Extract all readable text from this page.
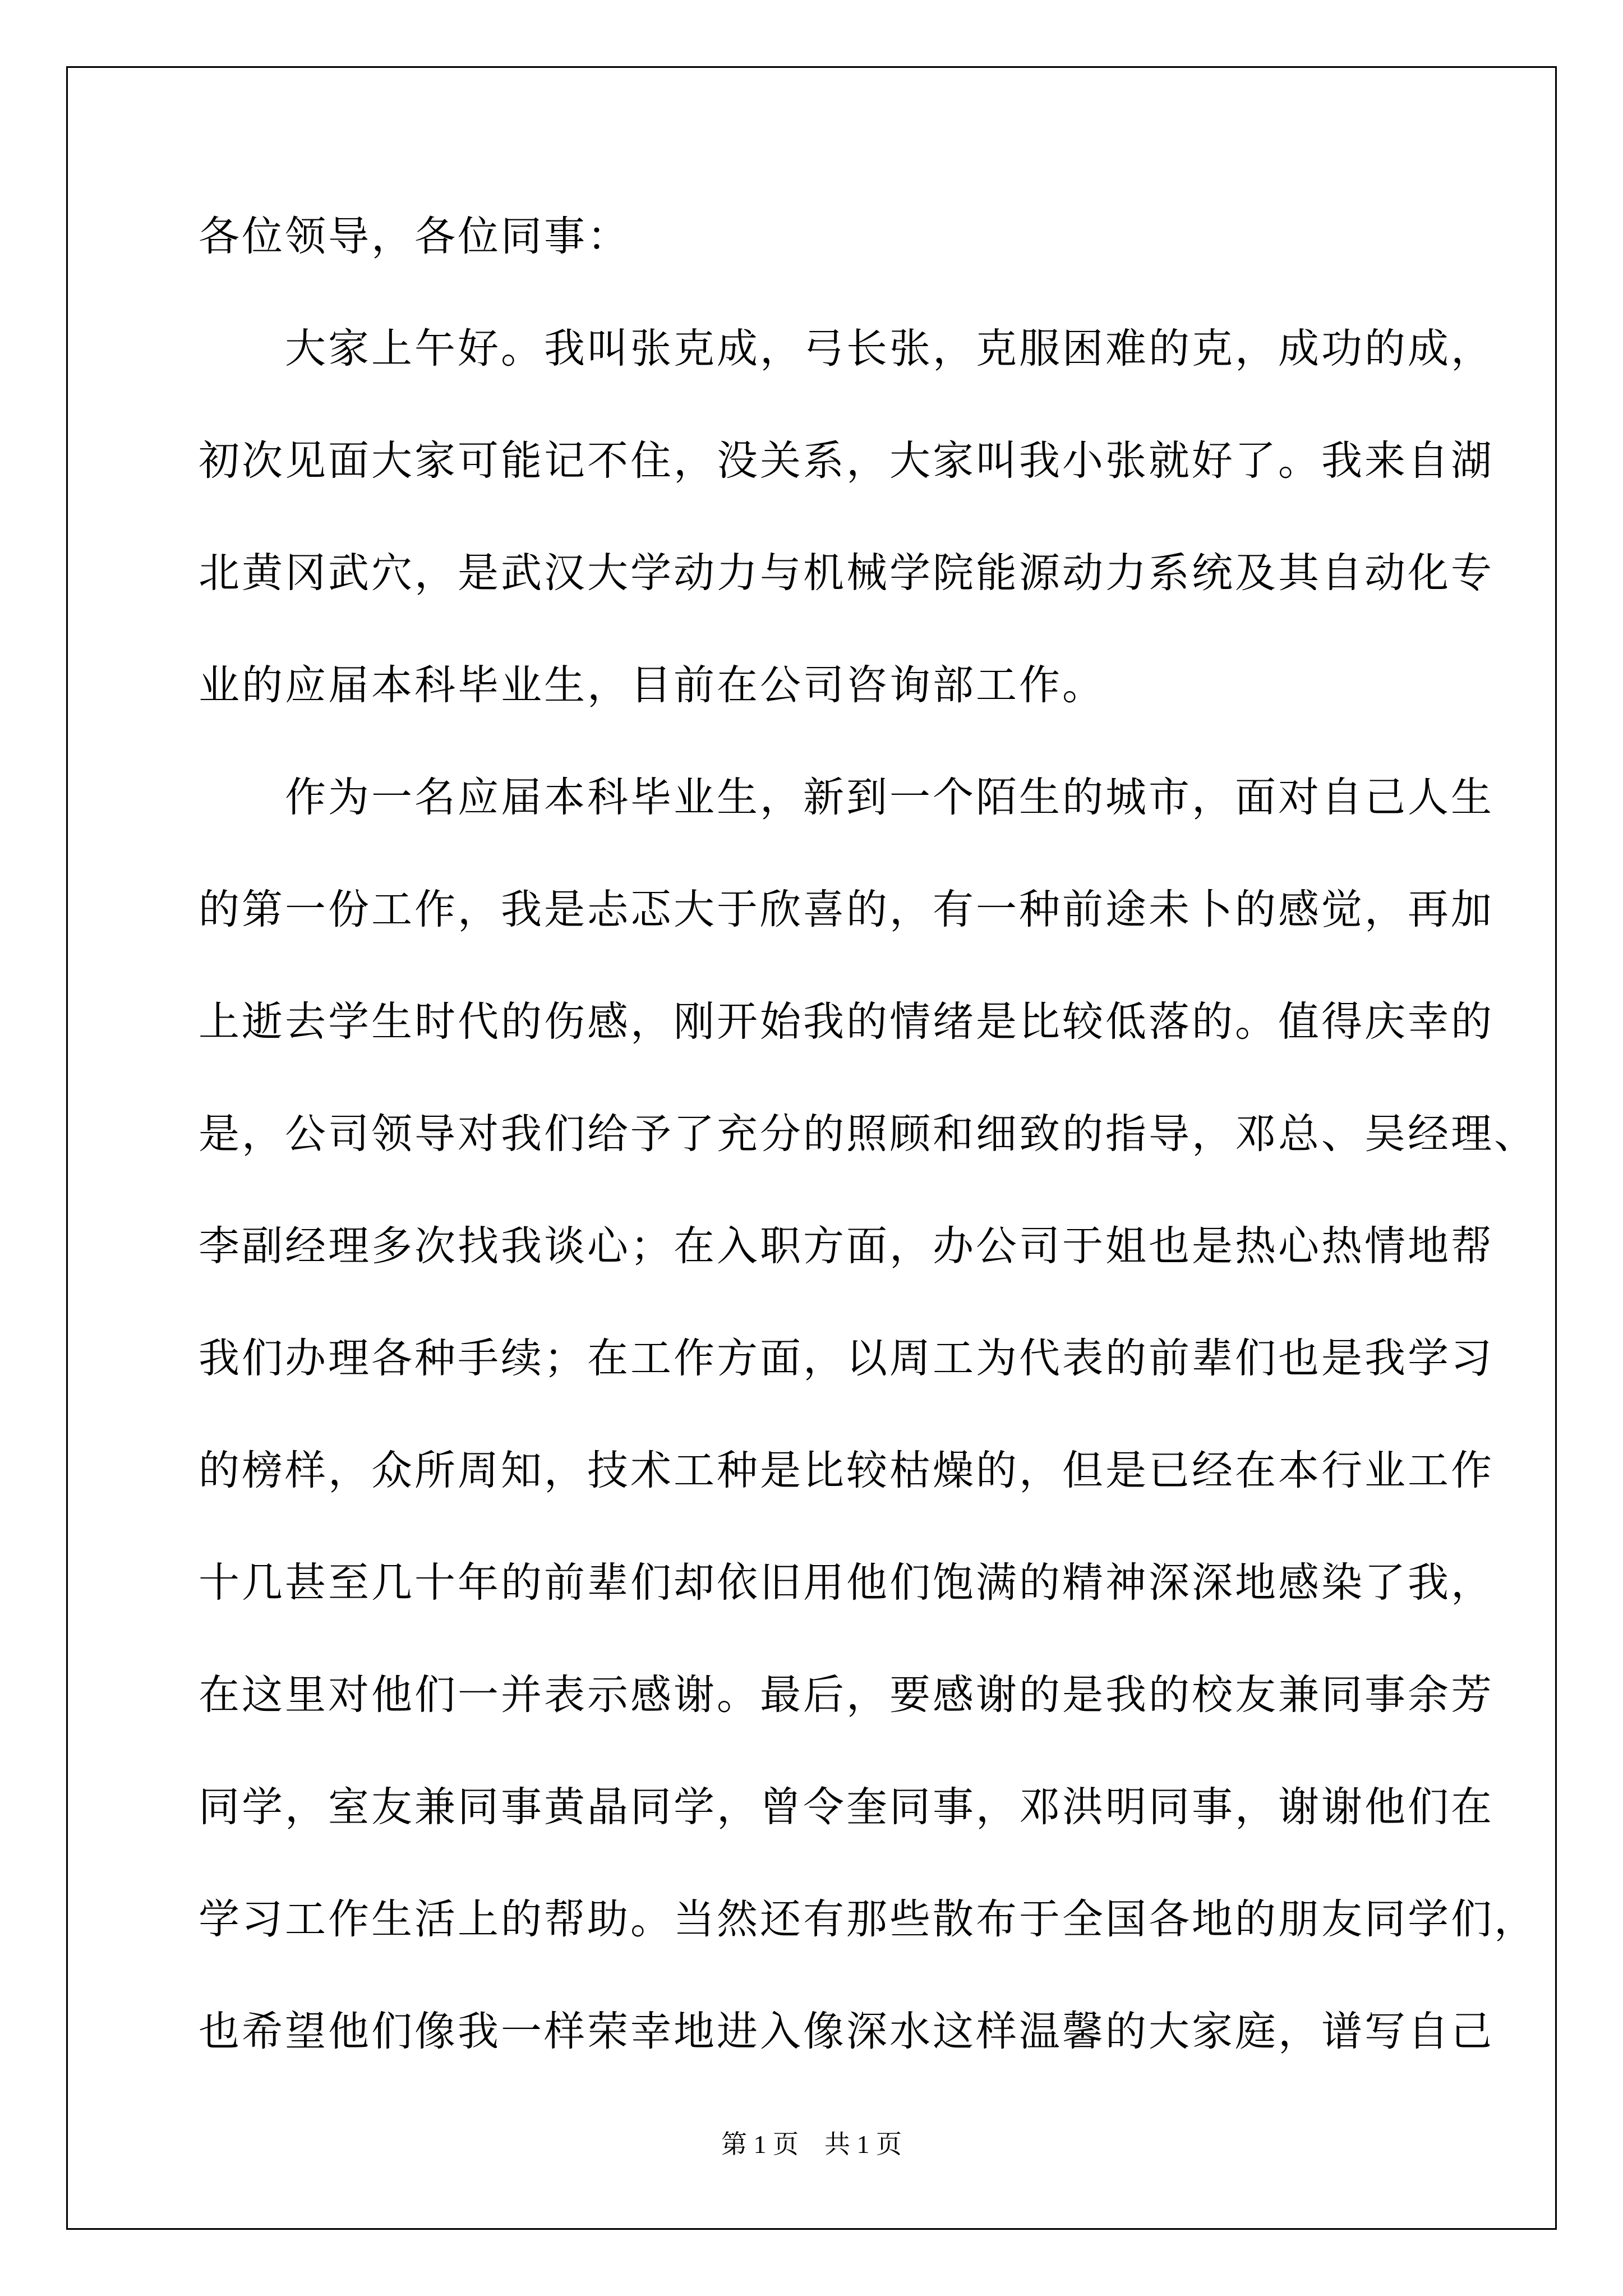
各位领导，各位同事：
　　大家上午好。我叫张克成，弓长张，克服困难的克，成功的成，
初次见面大家可能记不住，没关系，大家叫我小张就好了。我来自湖
北黄冈武穴，是武汉大学动力与机械学院能源动力系统及其自动化专
业的应届本科毕业生，目前在公司咨询部工作。
　　作为一名应届本科毕业生，新到一个陌生的城市，面对自己人生
的第一份工作，我是忐忑大于欣喜的，有一种前途未卜的感觉，再加
上逝去学生时代的伤感，刚开始我的情绪是比较低落的。值得庆幸的
是，公司领导对我们给予了充分的照顾和细致的指导，邓总、吴经理、
李副经理多次找我谈心；在入职方面，办公司于姐也是热心热情地帮
我们办理各种手续；在工作方面，以周工为代表的前辈们也是我学习
的榜样，众所周知，技术工种是比较枯燥的，但是已经在本行业工作
十几甚至几十年的前辈们却依旧用他们饱满的精神深深地感染了我，
在这里对他们一并表示感谢。最后，要感谢的是我的校友兼同事余芳
同学，室友兼同事黄晶同学，曾令奎同事，邓洪明同事，谢谢他们在
学习工作生活上的帮助。当然还有那些散布于全国各地的朋友同学们，
也希望他们像我一样荣幸地进入像深水这样温馨的大家庭，谱写自己
第 1 页　共 1 页
